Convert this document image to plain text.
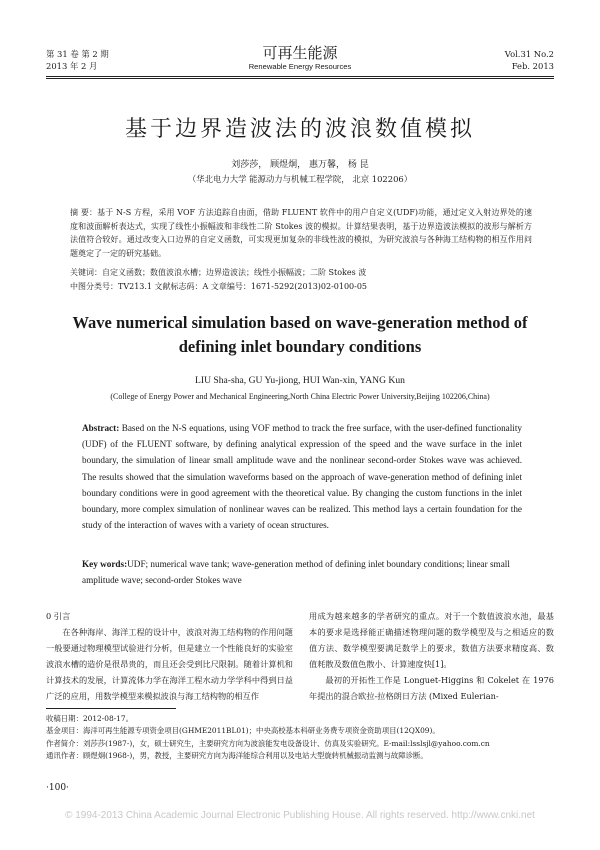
第 31 卷 第 2 期
2013 年 2 月
可再生能源
Renewable Energy Resources
Vol.31 No.2
Feb. 2013
基于边界造波法的波浪数值模拟
刘莎莎， 顾煜炯， 惠万馨， 杨 昆
（华北电力大学 能源动力与机械工程学院， 北京 102206）
摘 要：基于 N-S 方程，采用 VOF 方法追踪自由面，借助 FLUENT 软件中的用户自定义(UDF)功能，通过定义入射边界处的速度和波面解析表达式，实现了线性小振幅波和非线性二阶 Stokes 波的模拟。计算结果表明，基于边界造波法模拟的波形与解析方法值符合较好。通过改变入口边界的自定义函数，可实现更加复杂的非线性波的模拟，为研究波浪与各种海工结构物的相互作用问题奠定了一定的研究基础。
关键词：自定义函数；数值波浪水槽；边界造波法；线性小振幅波；二阶 Stokes 波
中图分类号：TV213.1 文献标志码：A 文章编号：1671-5292(2013)02-0100-05
Wave numerical simulation based on wave-generation method of
defining inlet boundary conditions
LIU Sha-sha, GU Yu-jiong, HUI Wan-xin, YANG Kun
(College of Energy Power and Mechanical Engineering,North China Electric Power University,Beijing 102206,China)
Abstract: Based on the N-S equations, using VOF method to track the free surface, with the user-defined functionality (UDF) of the FLUENT software, by defining analytical expression of the speed and the wave surface in the inlet boundary, the simulation of linear small amplitude wave and the nonlinear second-order Stokes wave was achieved. The results showed that the simulation waveforms based on the approach of wave-generation method of defining inlet boundary conditions were in good agreement with the theoretical value. By changing the custom functions in the inlet boundary, more complex simulation of nonlinear waves can be realized. This method lays a certain foundation for the study of the interaction of waves with a variety of ocean structures.
Key words:UDF; numerical wave tank; wave-generation method of defining inlet boundary conditions; linear small amplitude wave; second-order Stokes wave

0 引言

在各种海岸、海洋工程的设计中，波浪对海工结构物的作用问题一般要通过物理模型试验进行分析，但是建立一个性能良好的实验室波浪水槽的造价是很昂贵的，而且还会受到比尺限制。随着计算机和计算技术的发展，计算流体力学在海洋工程水动力学学科中得到日益广泛的应用，用数学模型来模拟波浪与海工结构物的相互作

用成为越来越多的学者研究的重点。对于一个数值波浪水池，最基本的要求是选择能正确描述物理问题的数学模型及与之相适应的数值方法、数学模型要满足数学上的要求，数值方法要求精度高、数值耗散及数值色散小、计算速度快[1]。

最初的开拓性工作是 Longuet-Higgins 和 Cokelet 在 1976 年提出的混合欧拉-拉格朗日方法 (Mixed Eulerian-

收稿日期：2012-08-17。
基金项目：海洋可再生能源专项资金项目(GHME2011BL01)；中央高校基本科研业务费专项资金资助项目(12QX09)。
作者简介：刘莎莎(1987-)，女，硕士研究生，主要研究方向为波浪能发电设备设计、仿真及实验研究。E-mail:lsslsjl@yahoo.com.cn
通讯作者：顾煜炯(1968-)，男，教授，主要研究方向为海洋能综合利用以及电站大型旋转机械振动监测与故障诊断。
·100·
© 1994-2013 China Academic Journal Electronic Publishing House. All rights reserved. http://www.cnki.net
